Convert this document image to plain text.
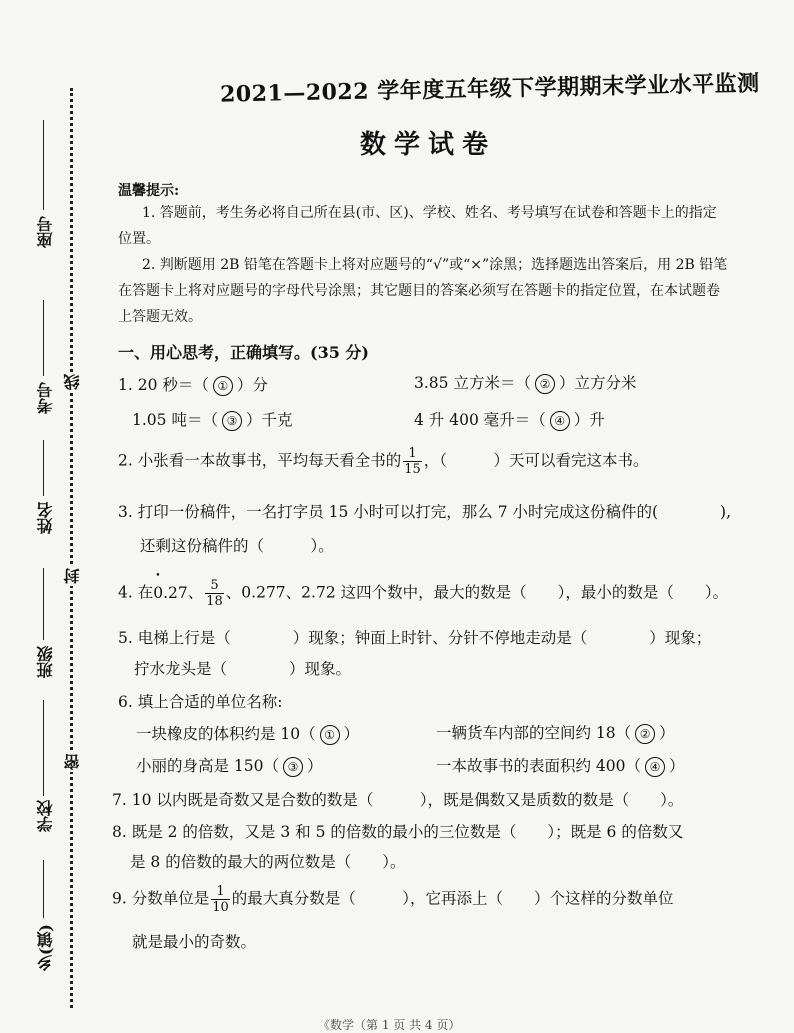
线
封
密
座号
考号
姓名
班级
学校
乡(镇)
2021—2022 学年度五年级下学期期末学业水平监测
数学试卷
温馨提示:
1. 答题前，考生务必将自己所在县(市、区)、学校、姓名、考号填写在试卷和答题卡上的指定位置。
2. 判断题用 2B 铅笔在答题卡上将对应题号的“√”或“×”涂黑；选择题选出答案后，用 2B 铅笔在答题卡上将对应题号的字母代号涂黑；其它题目的答案必须写在答题卡的指定位置，在本试题卷上答题无效。
一、用心思考，正确填写。(35 分)
1. 20 秒＝（ ① ）分	3.85 立方米＝（ ② ）立方分米
1.05 吨＝（ ③ ）千克	4 升 400 毫升＝（ ④ ）升
2. 小张看一本故事书，平均每天看全书的 $\frac{1}{15}$ ，（　　　）天可以看完这本书。
3. 打印一份稿件，一名打字员 15 小时可以打完，那么 7 小时完成这份稿件的(　　　　),
还剩这份稿件的（　　　）。
4. 在• 0.27、 $\frac{5}{18}$ 、0.277、2.72 这四个数中，最大的数是（　　），最小的数是（　　）。
5. 电梯上行是（　　　　）现象；钟面上时针、分针不停地走动是（　　　　）现象；
拧水龙头是（　　　　）现象。
6. 填上合适的单位名称:
一块橡皮的体积约是 10（ ① ）	一辆货车内部的空间约 18（ ② ）
小丽的身高是 150（ ③ ）	一本故事书的表面积约 400（ ④ ）
7. 10 以内既是奇数又是合数的数是（　　　），既是偶数又是质数的数是（　　）。
8. 既是 2 的倍数，又是 3 和 5 的倍数的最小的三位数是（　　）；既是 6 的倍数又
是 8 的倍数的最大的两位数是（　　）。
9. 分数单位是 $\frac{1}{10}$ 的最大真分数是（　　　），它再添上（　　）个这样的分数单位
就是最小的奇数。
《数学（第 1 页 共 4 页）
